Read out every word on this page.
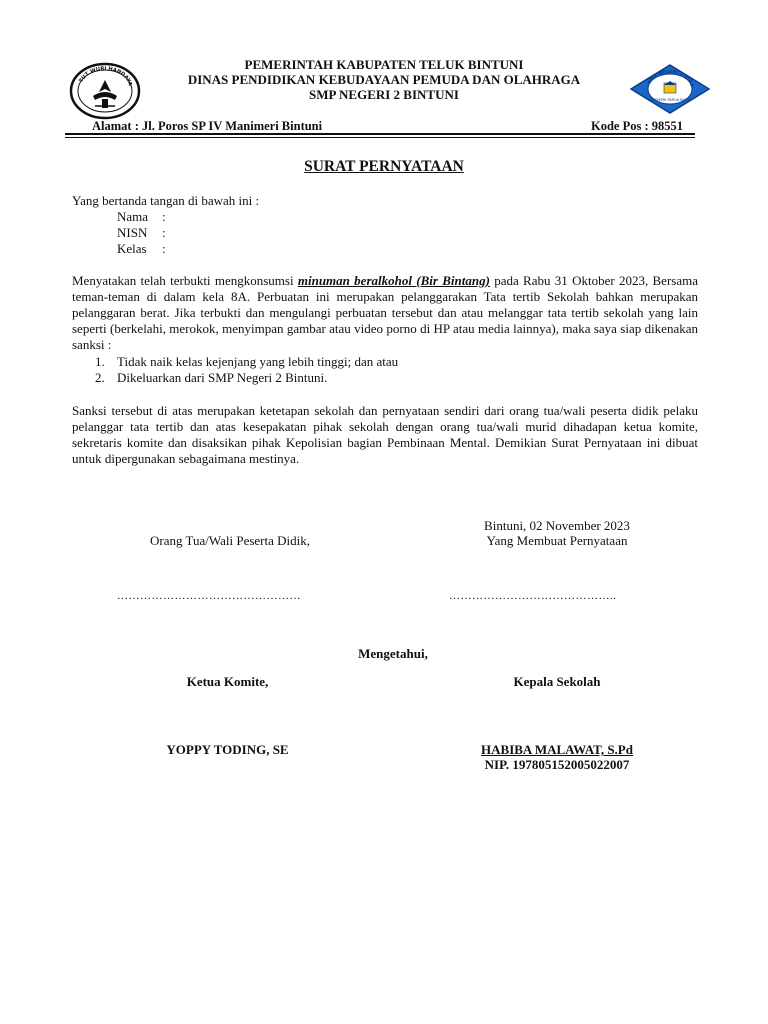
TUT WURI HANDAYA	SMP NEGERI 2 BINT
MANIMERI PAPUA BARAT
PEMERINTAH KABUPATEN TELUK BINTUNI
DINAS PENDIDIKAN KEBUDAYAAN PEMUDA DAN OLAHRAGA
SMP NEGERI 2 BINTUNI
Alamat : Jl. Poros SP IV Manimeri Bintuni	Kode Pos : 98551
SURAT PERNYATAAN
Yang bertanda tangan di bawah ini :
Nama :
NISN :
Kelas :
Menyatakan telah terbukti mengkonsumsi minuman beralkohol (Bir Bintang) pada Rabu 31 Oktober 2023, Bersama teman-teman di dalam kela 8A. Perbuatan ini merupakan pelanggarakan Tata tertib Sekolah bahkan merupakan pelanggaran berat. Jika terbukti dan mengulangi perbuatan tersebut dan atau melanggar tata tertib sekolah yang lain seperti (berkelahi, merokok, menyimpan gambar atau video porno di HP atau media lainnya), maka saya siap dikenakan sanksi :
1. Tidak naik kelas kejenjang yang lebih tinggi; dan atau
2. Dikeluarkan dari SMP Negeri 2 Bintuni.
Sanksi tersebut di atas merupakan ketetapan sekolah dan pernyataan sendiri dari orang tua/wali peserta didik pelaku pelanggar tata tertib dan atas kesepakatan pihak sekolah dengan orang tua/wali murid dihadapan ketua komite, sekretaris komite dan disaksikan pihak Kepolisian bagian Pembinaan Mental. Demikian Surat Pernyataan ini dibuat untuk dipergunakan sebagaimana mestinya.
Bintuni, 02 November 2023
Orang Tua/Wali Peserta Didik,	Yang Membuat Pernyataan
…………………………………………	……………………………………..
Mengetahui,
Ketua Komite,	Kepala Sekolah
YOPPY TODING, SE	HABIBA MALAWAT, S.Pd
NIP. 197805152005022007
